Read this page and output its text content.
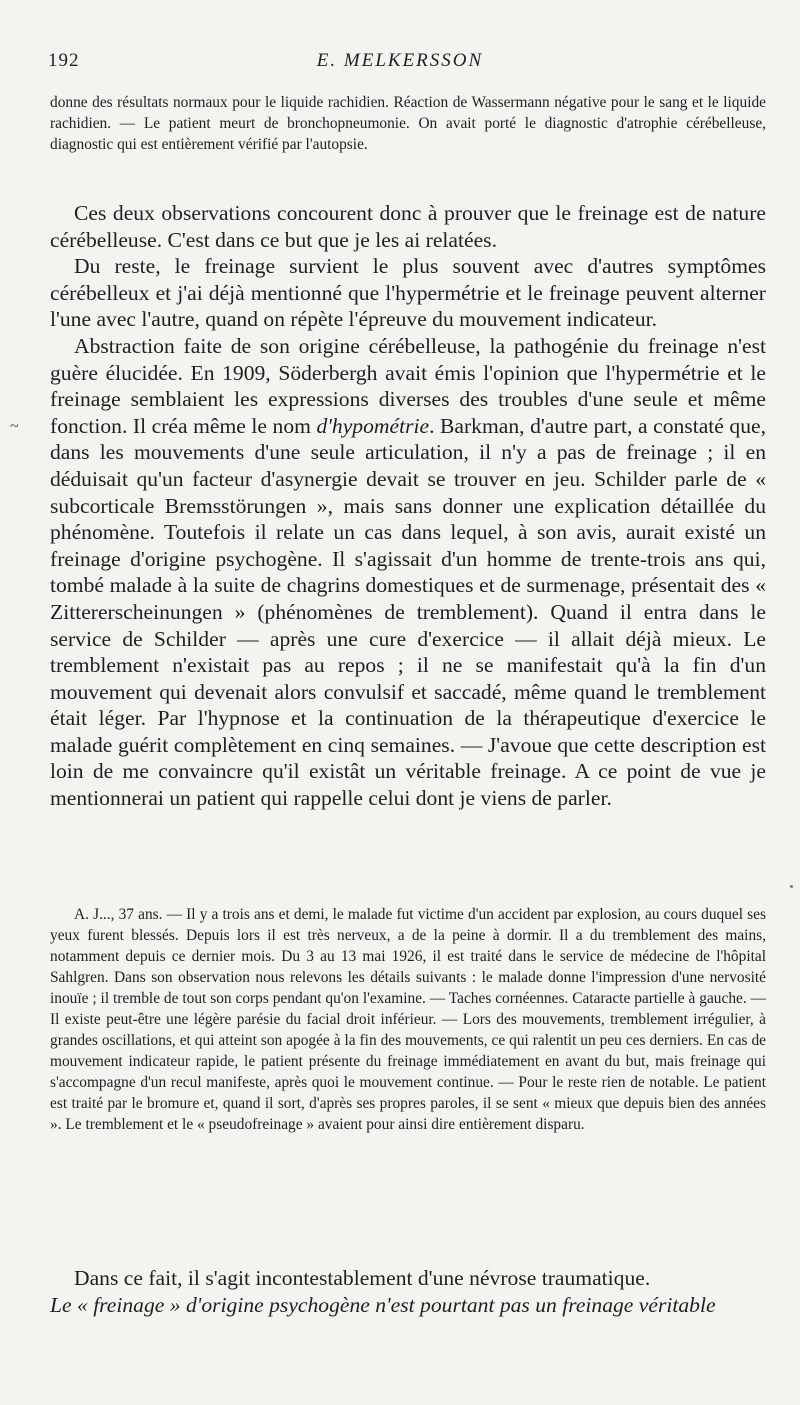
192	E. MELKERSSON

donne des résultats normaux pour le liquide rachidien. Réaction de Wassermann négative pour le sang et le liquide rachidien. — Le patient meurt de bronchopneumonie. On avait porté le diagnostic d'atrophie cérébelleuse, diagnostic qui est entièrement vérifié par l'autopsie.

Ces deux observations concourent donc à prouver que le freinage est de nature cérébelleuse. C'est dans ce but que je les ai relatées.

Du reste, le freinage survient le plus souvent avec d'autres symptômes cérébelleux et j'ai déjà mentionné que l'hypermétrie et le freinage peuvent alterner l'une avec l'autre, quand on répète l'épreuve du mouvement indicateur.

Abstraction faite de son origine cérébelleuse, la pathogénie du freinage n'est guère élucidée. En 1909, Söderbergh avait émis l'opinion que l'hypermétrie et le freinage semblaient les expressions diverses des troubles d'une seule et même fonction. Il créa même le nom d'hypométrie. Barkman, d'autre part, a constaté que, dans les mouvements d'une seule articulation, il n'y a pas de freinage ; il en déduisait qu'un facteur d'asynergie devait se trouver en jeu. Schilder parle de « subcorticale Bremsstörungen », mais sans donner une explication détaillée du phénomène. Toutefois il relate un cas dans lequel, à son avis, aurait existé un freinage d'origine psychogène. Il s'agissait d'un homme de trente-trois ans qui, tombé malade à la suite de chagrins domestiques et de surmenage, présentait des « Zittererscheinungen » (phénomènes de tremblement). Quand il entra dans le service de Schilder — après une cure d'exercice — il allait déjà mieux. Le tremblement n'existait pas au repos ; il ne se manifestait qu'à la fin d'un mouvement qui devenait alors convulsif et saccadé, même quand le tremblement était léger. Par l'hypnose et la continuation de la thérapeutique d'exercice le malade guérit complètement en cinq semaines. — J'avoue que cette description est loin de me convaincre qu'il existât un véritable freinage. A ce point de vue je mentionnerai un patient qui rappelle celui dont je viens de parler.

~

A. J..., 37 ans. — Il y a trois ans et demi, le malade fut victime d'un accident par explosion, au cours duquel ses yeux furent blessés. Depuis lors il est très nerveux, a de la peine à dormir. Il a du tremblement des mains, notamment depuis ce dernier mois. Du 3 au 13 mai 1926, il est traité dans le service de médecine de l'hôpital Sahlgren. Dans son observation nous relevons les détails suivants : le malade donne l'impression d'une nervosité inouïe ; il tremble de tout son corps pendant qu'on l'examine. — Taches cornéennes. Cataracte partielle à gauche. — Il existe peut-être une légère parésie du facial droit inférieur. — Lors des mouvements, tremblement irrégulier, à grandes oscillations, et qui atteint son apogée à la fin des mouvements, ce qui ralentit un peu ces derniers. En cas de mouvement indicateur rapide, le patient présente du freinage immédiatement en avant du but, mais freinage qui s'accompagne d'un recul manifeste, après quoi le mouvement continue. — Pour le reste rien de notable. Le patient est traité par le bromure et, quand il sort, d'après ses propres paroles, il se sent « mieux que depuis bien des années ». Le tremblement et le « pseudofreinage » avaient pour ainsi dire entièrement disparu.

Dans ce fait, il s'agit incontestablement d'une névrose traumatique.

Le « freinage » d'origine psychogène n'est pourtant pas un freinage véritable
